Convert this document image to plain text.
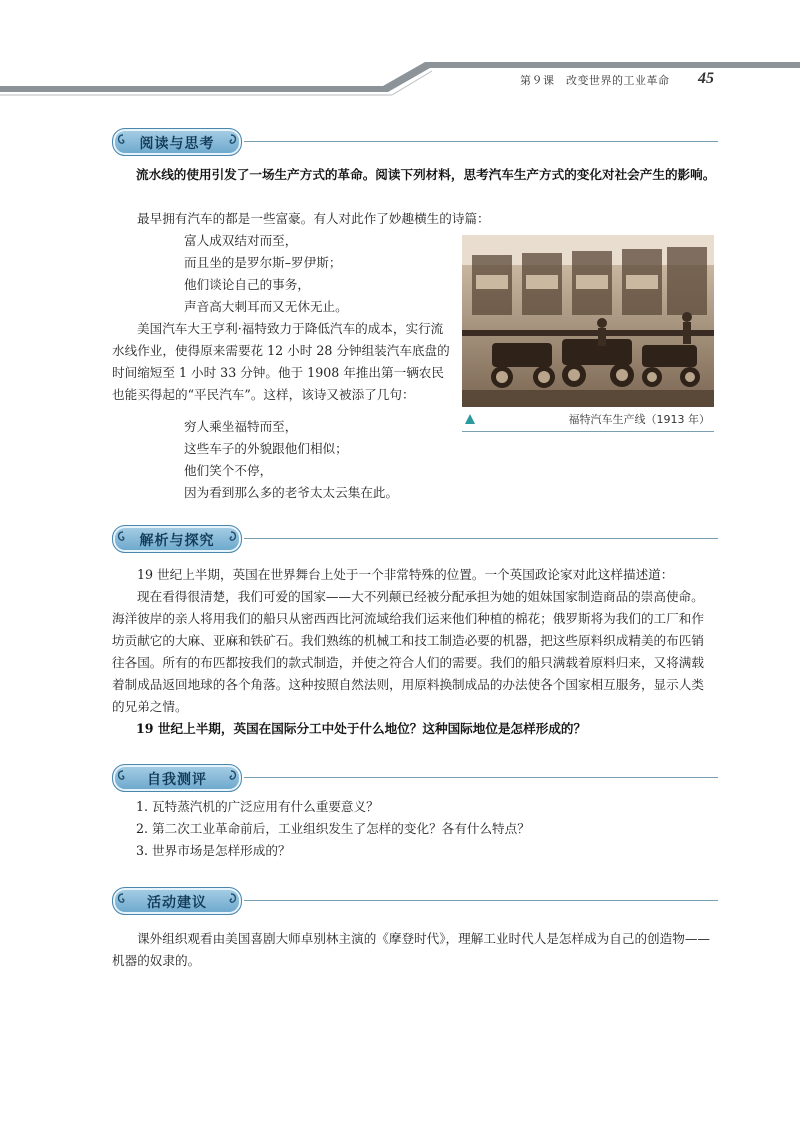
第９课　改变世界的工业革命 45
阅读与思考
流水线的使用引发了一场生产方式的革命。阅读下列材料，思考汽车生产方式的变化对社会产生的影响。
最早拥有汽车的都是一些富豪。有人对此作了妙趣横生的诗篇：
富人成双结对而至，
而且坐的是罗尔斯–罗伊斯；
他们谈论自己的事务，
声音高大刺耳而又无休无止。
美国汽车大王亨利·福特致力于降低汽车的成本，实行流水线作业，使得原来需要花 12 小时 28 分钟组装汽车底盘的时间缩短至 1 小时 33 分钟。他于 1908 年推出第一辆农民也能买得起的“平民汽车”。这样，该诗又被添了几句：
穷人乘坐福特而至，
这些车子的外貌跟他们相似；
他们笑个不停，
因为看到那么多的老爷太太云集在此。
福特汽车生产线（1913 年）
解析与探究
19 世纪上半期，英国在世界舞台上处于一个非常特殊的位置。一个英国政论家对此这样描述道：
现在看得很清楚，我们可爱的国家——大不列颠已经被分配承担为她的姐妹国家制造商品的崇高使命。海洋彼岸的亲人将用我们的船只从密西西比河流域给我们运来他们种植的棉花；俄罗斯将为我们的工厂和作坊贡献它的大麻、亚麻和铁矿石。我们熟练的机械工和技工制造必要的机器，把这些原料织成精美的布匹销往各国。所有的布匹都按我们的款式制造，并使之符合人们的需要。我们的船只满载着原料归来，又将满载着制成品返回地球的各个角落。这种按照自然法则，用原料换制成品的办法使各个国家相互服务，显示人类的兄弟之情。
19 世纪上半期，英国在国际分工中处于什么地位？这种国际地位是怎样形成的？
自我测评
1. 瓦特蒸汽机的广泛应用有什么重要意义？
2. 第二次工业革命前后，工业组织发生了怎样的变化？各有什么特点？
3. 世界市场是怎样形成的？
活动建议
课外组织观看由美国喜剧大师卓别林主演的《摩登时代》，理解工业时代人是怎样成为自己的创造物——机器的奴隶的。
